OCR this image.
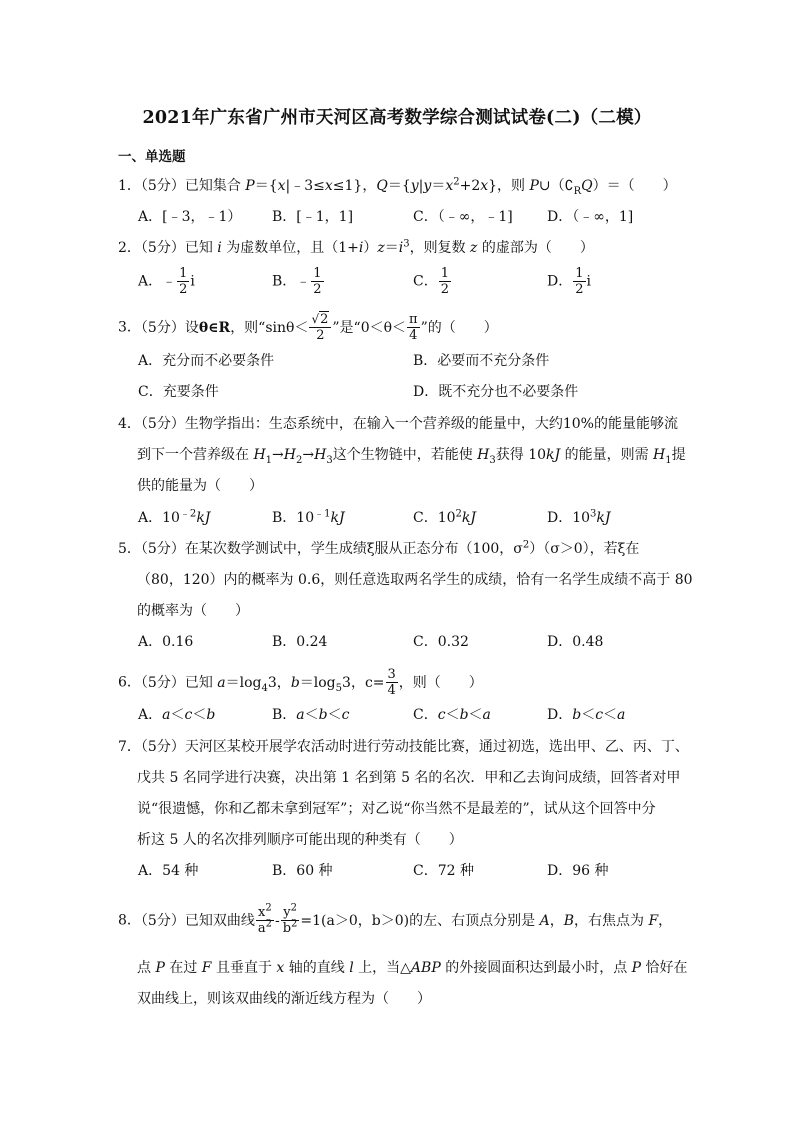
2021年广东省广州市天河区高考数学综合测试试卷(二)（二模）
一、单选题
1．（5分）已知集合 P＝{x|﹣3≤x≤1}，$Q=\{y|y=x^2+2x\}$，则 $P\cup(∁_RQ)=$（　　）
A．[﹣3，﹣1） B．[﹣1，1]	C．（﹣∞，﹣1] D．（﹣∞，1]
2．（5分）已知 i 为虚数单位，且$(1+i)z=i^3$，则复数 z 的虚部为（　　）
A．﹣ $\frac{1}{2}$ i	B．﹣ $\frac{1}{2}$	C． $\frac{1}{2}$	D． $\frac{1}{2}$ i
3．（5分）设θ∈R，则“$\sin\theta< \frac{√2}{2}$ ”是“$0<\theta< \frac{\pi}{4}$ ”的（　　）
A．充分而不必要条件	B．必要而不充分条件
C．充要条件	D．既不充分也不必要条件
4．（5分）生物学指出：生态系统中，在输入一个营养级的能量中，大约10%的能量能够流
到下一个营养级在 $H_1\to H_2\to H_3$这个生物链中，若能使 $H_3$获得 10kJ 的能量，则需 $H_1$提
供的能量为（　　）
A．$10^{﹣2}kJ$	B．$10^{﹣1}kJ$	C．$10^2kJ$	D．$10^3kJ$
5．（5分）在某次数学测试中，学生成绩ξ服从正态分布（100，$\sigma^2)(\sigma>0)$，若ξ在
（80，120）内的概率为 0.6，则任意选取两名学生的成绩，恰有一名学生成绩不高于 80
的概率为（　　）
A．0.16	B．0.24	C．0.32	D．0.48
6．（5分）已知 $a=\log_43$，$b=\log_53$，$c= \frac{3}{4}$ ，则（　　）
A．a＜c＜b	B．a＜b＜c	C．c＜b＜a	D．b＜c＜a
7．（5分）天河区某校开展学农活动时进行劳动技能比赛，通过初选，选出甲、乙、丙、丁、
戊共 5 名同学进行决赛，决出第 1 名到第 5 名的名次．甲和乙去询问成绩，回答者对甲
说“很遗憾，你和乙都未拿到冠军”；对乙说“你当然不是最差的”，试从这个回答中分
析这 5 人的名次排列顺序可能出现的种类有（　　）
A．54 种	B．60 种	C．72 种	D．96 种
8．（5分）已知双曲线 $\frac{x^2}{a^2} - \frac{y^2}{b^2} =1(a>0$，b＞0)的左、右顶点分别是 A，B，右焦点为 F，
点 P 在过 F 且垂直于 x 轴的直线 l 上，当△ABP 的外接圆面积达到最小时，点 P 恰好在
双曲线上，则该双曲线的渐近线方程为（　　）
